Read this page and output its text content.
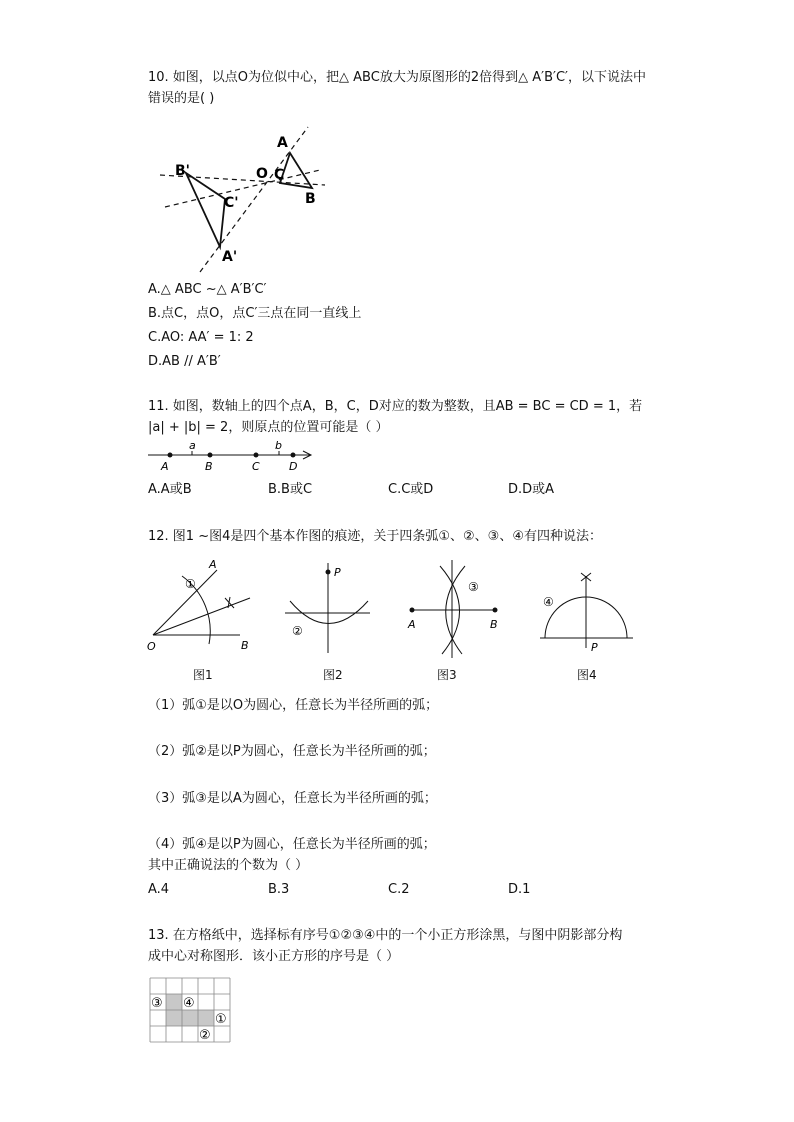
10. 如图，以点O为位似中心，把△ ABC放大为原图形的2倍得到△ A′B′C′，以下说法中
错误的是( )
B'
C'
A'
O C
A
B
A.△ ABC ~△ A′B′C′
B.点C，点O，点C′三点在同一直线上
C.AO: AA′ = 1: 2
D.AB // A′B′
11. 如图，数轴上的四个点A，B，C，D对应的数为整数，且AB = BC = CD = 1，若
|a| + |b| = 2，则原点的位置可能是（ ）
a	b
A	B	C	D
A.A或B	B.B或C	C.C或D	D.D或A
12. 图1 ~图4是四个基本作图的痕迹，关于四条弧①、②、③、④有四种说法：
A
B
O
①
图1
P
②
图2
A	B
③
图3
④
P
图4
（1）弧①是以O为圆心，任意长为半径所画的弧；
（2）弧②是以P为圆心，任意长为半径所画的弧；
（3）弧③是以A为圆心，任意长为半径所画的弧；
（4）弧④是以P为圆心，任意长为半径所画的弧；
其中正确说法的个数为（ ）
A.4	B.3	C.2	D.1
13. 在方格纸中，选择标有序号①②③④中的一个小正方形涂黑，与图中阴影部分构
成中心对称图形．该小正方形的序号是（ ）
③ ④
①
②
